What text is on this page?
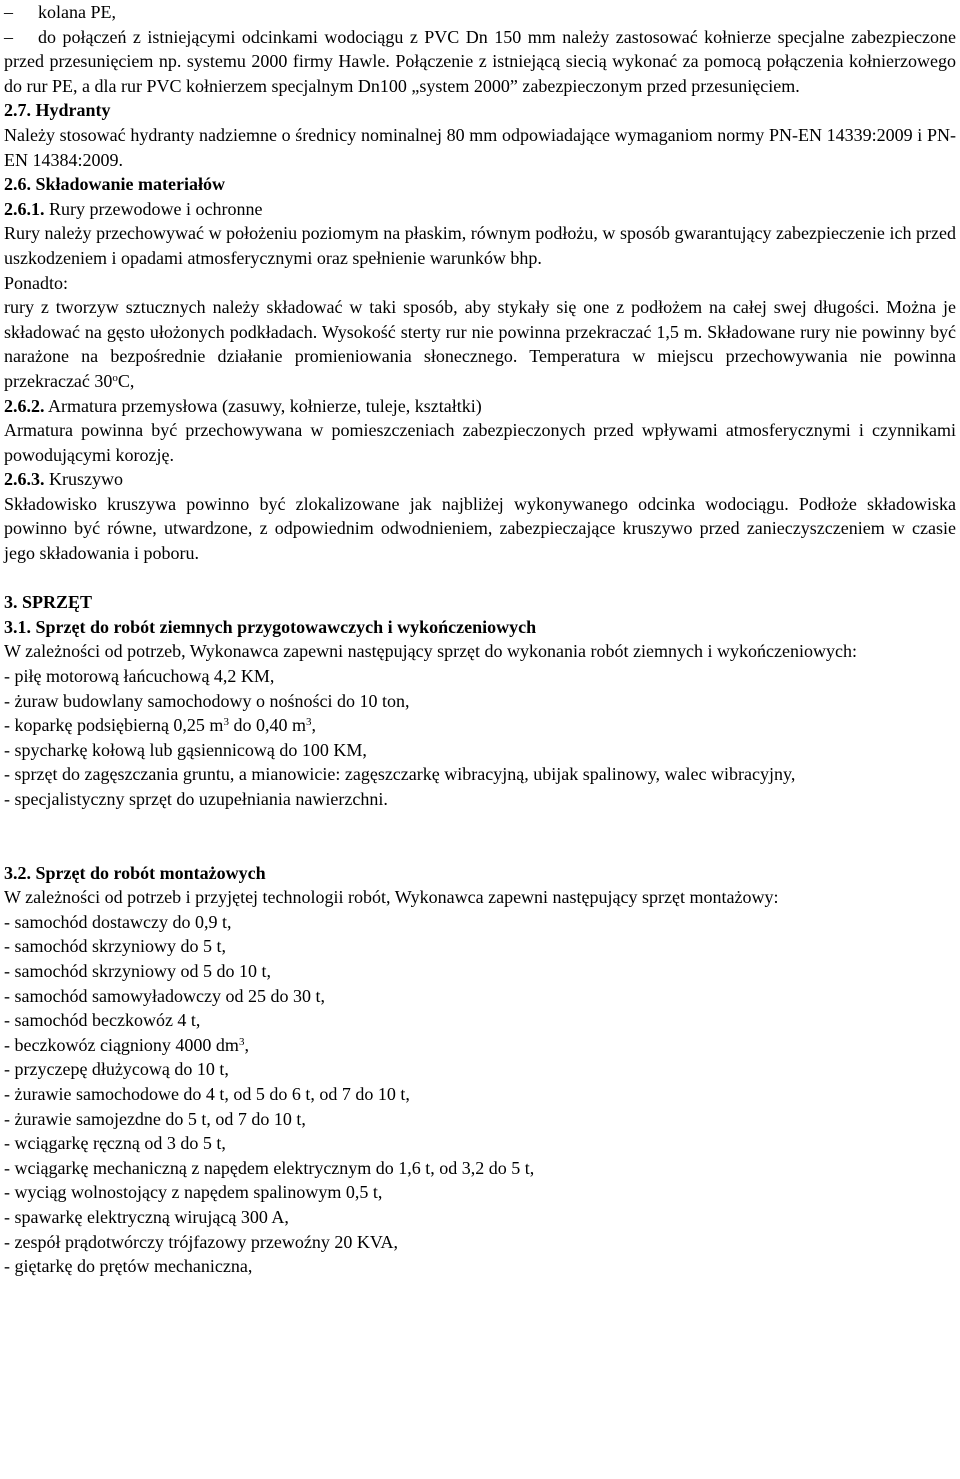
– kolana PE,

– do połączeń z istniejącymi odcinkami wodociągu z PVC Dn 150 mm należy zastosować kołnierze specjalne zabezpieczone przed przesunięciem np. systemu 2000 firmy Hawle. Połączenie z istniejącą siecią wykonać za pomocą połączenia kołnierzowego do rur PE, a dla rur PVC kołnierzem specjalnym Dn100 „system 2000” zabezpieczonym przed przesunięciem.

2.7. Hydranty

Należy stosować hydranty nadziemne o średnicy nominalnej 80 mm odpowiadające wymaganiom normy PN-EN 14339:2009 i PN-EN 14384:2009.

2.6. Składowanie materiałów

2.6.1. Rury przewodowe i ochronne

Rury należy przechowywać w położeniu poziomym na płaskim, równym podłożu, w sposób gwarantujący zabezpieczenie ich przed uszkodzeniem i opadami atmosferycznymi oraz spełnienie warunków bhp.

Ponadto:

rury z tworzyw sztucznych należy składować w taki sposób, aby stykały się one z podłożem na całej swej długości. Można je składować na gęsto ułożonych podkładach. Wysokość sterty rur nie powinna przekraczać 1,5 m. Składowane rury nie powinny być narażone na bezpośrednie działanie promieniowania słonecznego. Temperatura w miejscu przechowywania nie powinna przekraczać 30$^o$C,

2.6.2. Armatura przemysłowa (zasuwy, kołnierze, tuleje, kształtki)

Armatura powinna być przechowywana w pomieszczeniach zabezpieczonych przed wpływami atmosferycznymi i czynnikami powodującymi korozję.

2.6.3. Kruszywo

Składowisko kruszywa powinno być zlokalizowane jak najbliżej wykonywanego odcinka wodociągu. Podłoże składowiska powinno być równe, utwardzone, z odpowiednim odwodnieniem, zabezpieczające kruszywo przed zanieczyszczeniem w czasie jego składowania i poboru.

3. SPRZĘT

3.1. Sprzęt do robót ziemnych przygotowawczych i wykończeniowych

W zależności od potrzeb, Wykonawca zapewni następujący sprzęt do wykonania robót ziemnych i wykończeniowych:

- piłę motorową łańcuchową 4,2 KM,

- żuraw budowlany samochodowy o nośności do 10 ton,

- koparkę podsiębierną 0,25 $m^3$ do 0,40 $m^3$,

- spycharkę kołową lub gąsiennicową do 100 KM,

- sprzęt do zagęszczania gruntu, a mianowicie: zagęszczarkę wibracyjną, ubijak spalinowy, walec wibracyjny,

- specjalistyczny sprzęt do uzupełniania nawierzchni.

3.2. Sprzęt do robót montażowych

W zależności od potrzeb i przyjętej technologii robót, Wykonawca zapewni następujący sprzęt montażowy:

- samochód dostawczy do 0,9 t,

- samochód skrzyniowy do 5 t,

- samochód skrzyniowy od 5 do 10 t,

- samochód samowyładowczy od 25 do 30 t,

- samochód beczkowóz 4 t,

- beczkowóz ciągniony 4000 $dm^3$,

- przyczepę dłużycową do 10 t,

- żurawie samochodowe do 4 t, od 5 do 6 t, od 7 do 10 t,

- żurawie samojezdne do 5 t, od 7 do 10 t,

- wciągarkę ręczną od 3 do 5 t,

- wciągarkę mechaniczną z napędem elektrycznym do 1,6 t, od 3,2 do 5 t,

- wyciąg wolnostojący z napędem spalinowym 0,5 t,

- spawarkę elektryczną wirującą 300 A,

- zespół prądotwórczy trójfazowy przewoźny 20 KVA,

- giętarkę do prętów mechaniczna,
